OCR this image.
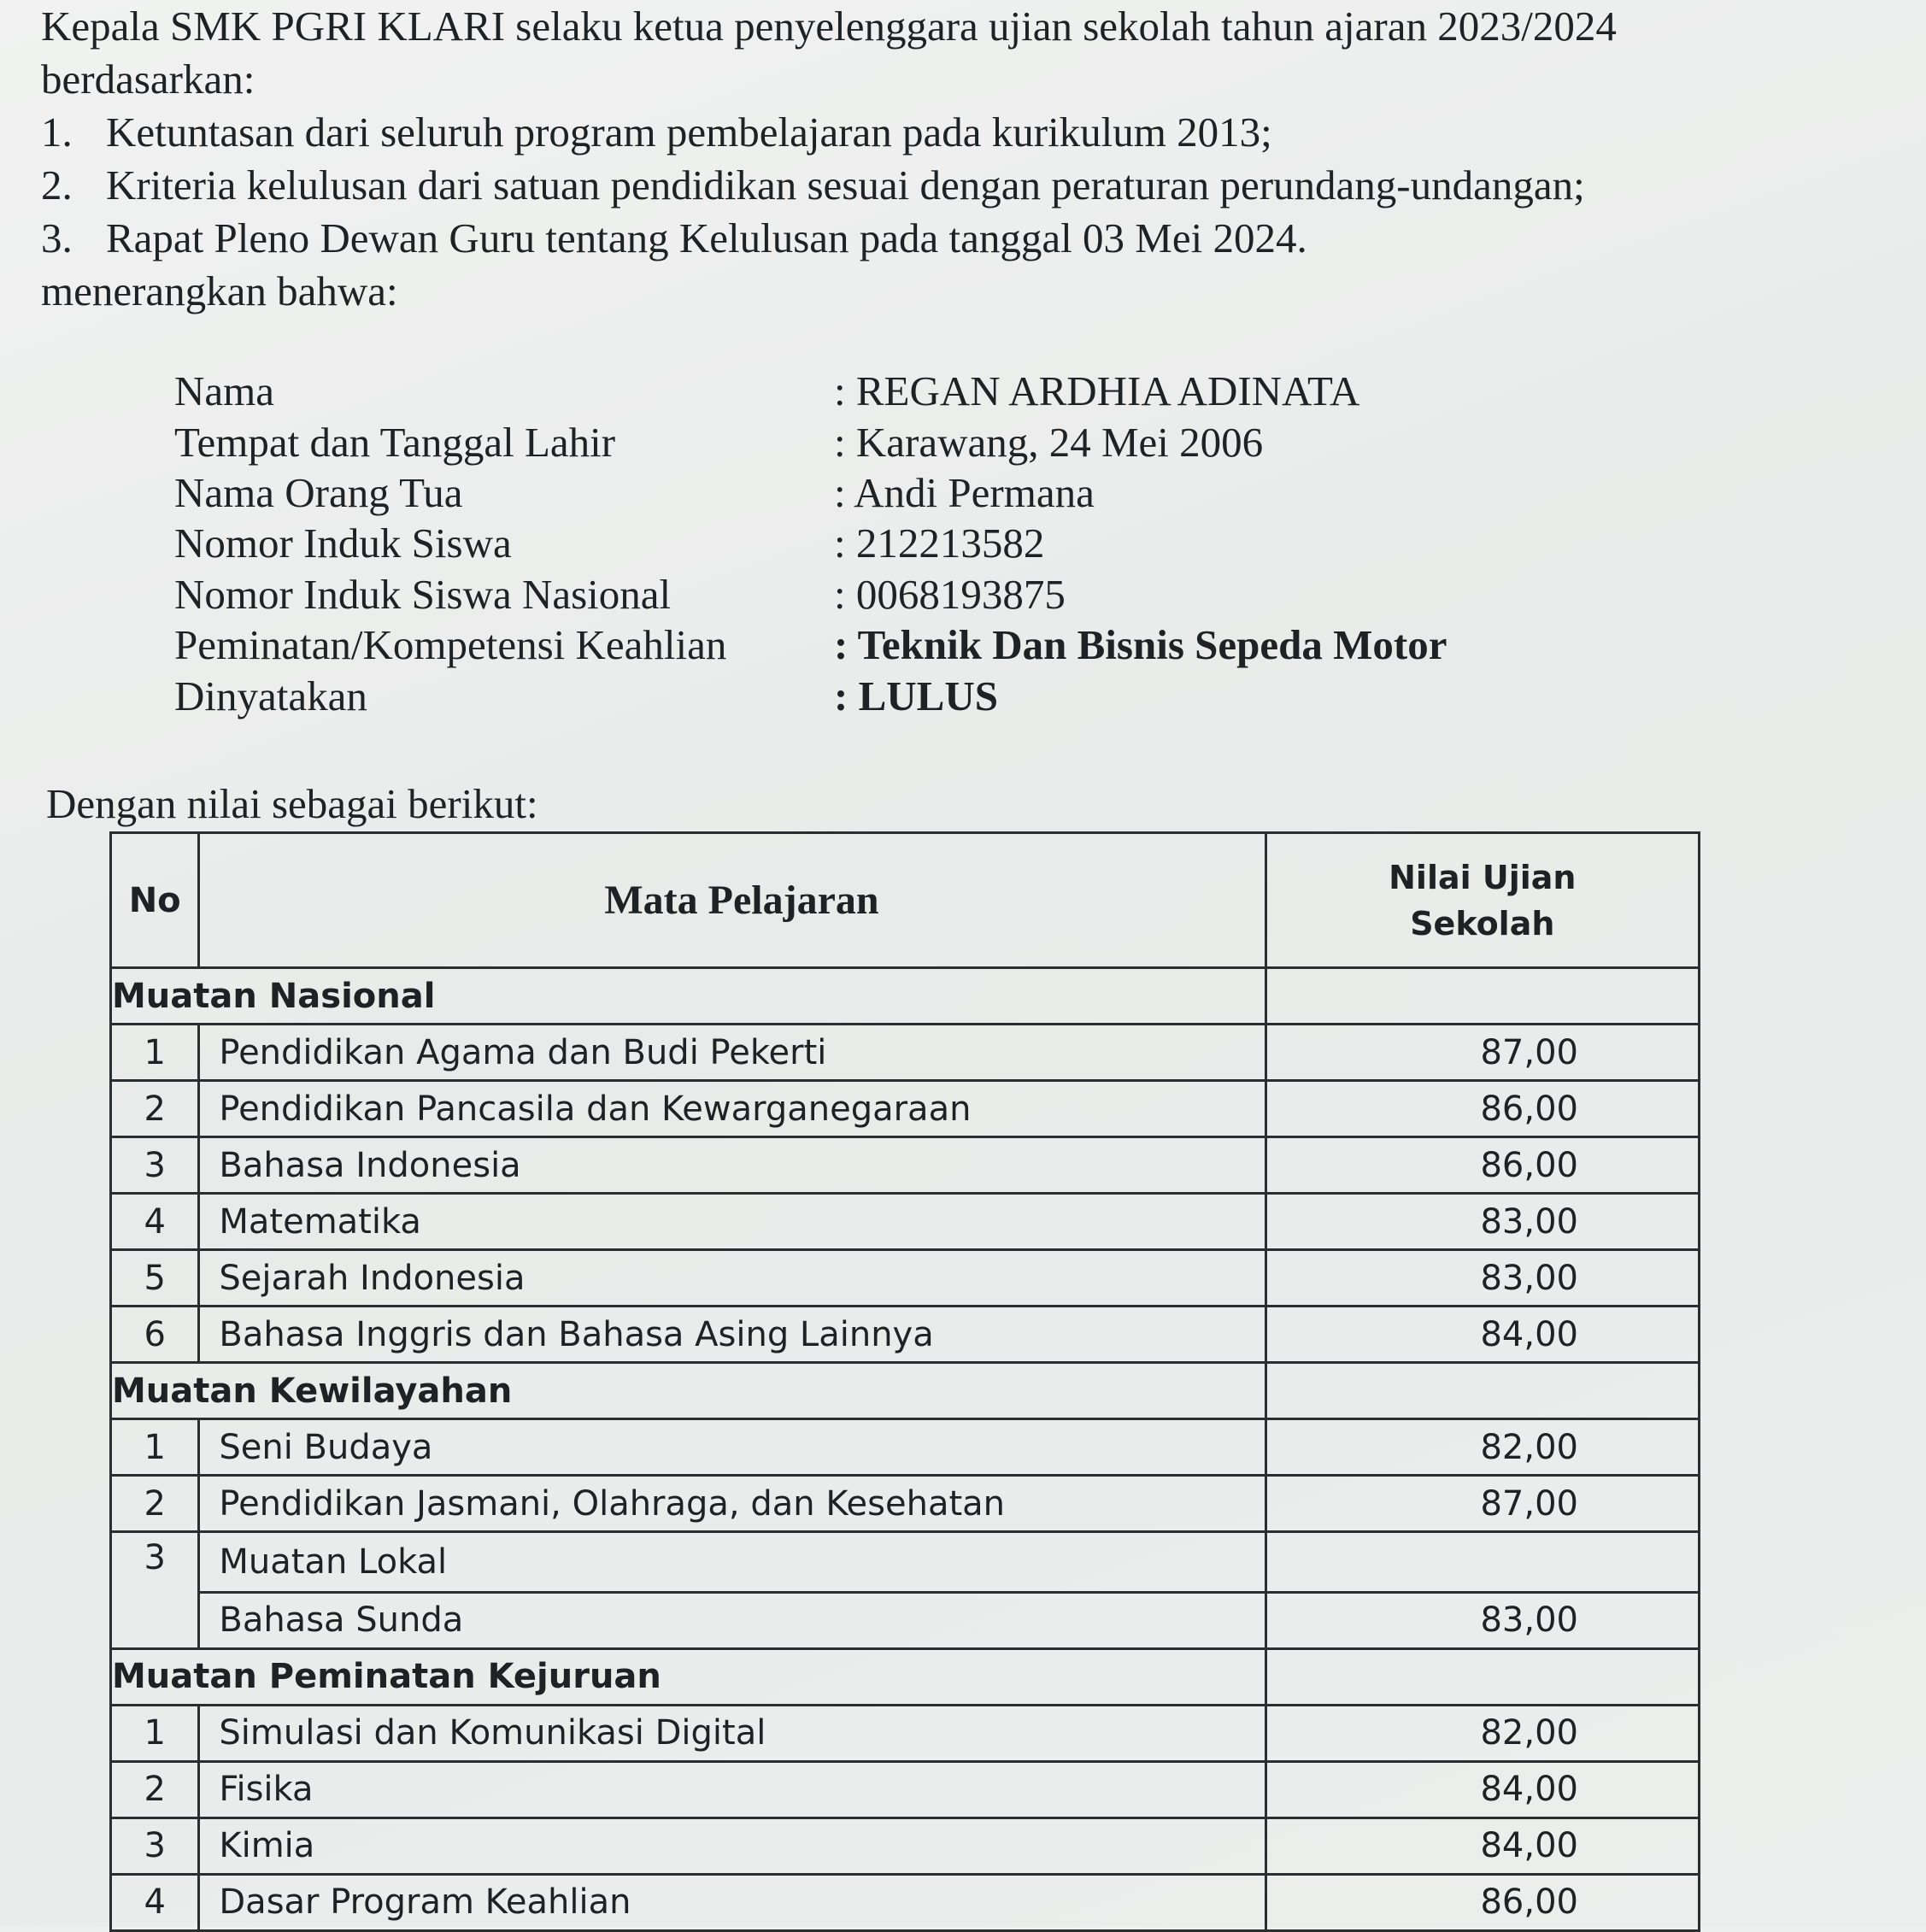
Kepala SMK PGRI KLARI selaku ketua penyelenggara ujian sekolah tahun ajaran 2023/2024

berdasarkan:

1. Ketuntasan dari seluruh program pembelajaran pada kurikulum 2013;
2. Kriteria kelulusan dari satuan pendidikan sesuai dengan peraturan perundang-undangan;
3. Rapat Pleno Dewan Guru tentang Kelulusan pada tanggal 03 Mei 2024.

menerangkan bahwa:

Nama	: REGAN ARDHIA ADINATA
Tempat dan Tanggal Lahir	: Karawang, 24 Mei 2006
Nama Orang Tua	: Andi Permana
Nomor Induk Siswa	: 212213582
Nomor Induk Siswa Nasional	: 0068193875
Peminatan/Kompetensi Keahlian	: Teknik Dan Bisnis Sepeda Motor
Dinyatakan	: LULUS
Dengan nilai sebagai berikut:
No	Mata Pelajaran	Nilai Ujian
Sekolah

Muatan Nasional		
1	Pendidikan Agama dan Budi Pekerti	87,00
2	Pendidikan Pancasila dan Kewarganegaraan	86,00
3	Bahasa Indonesia	86,00
4	Matematika	83,00
5	Sejarah Indonesia	83,00
6	Bahasa Inggris dan Bahasa Asing Lainnya	84,00
Muatan Kewilayahan		
1	Seni Budaya	82,00
2	Pendidikan Jasmani, Olahraga, dan Kesehatan	87,00
3	Muatan Lokal	
	Bahasa Sunda	83,00
Muatan Peminatan Kejuruan		
1	Simulasi dan Komunikasi Digital	82,00
2	Fisika	84,00
3	Kimia	84,00
4	Dasar Program Keahlian	86,00
